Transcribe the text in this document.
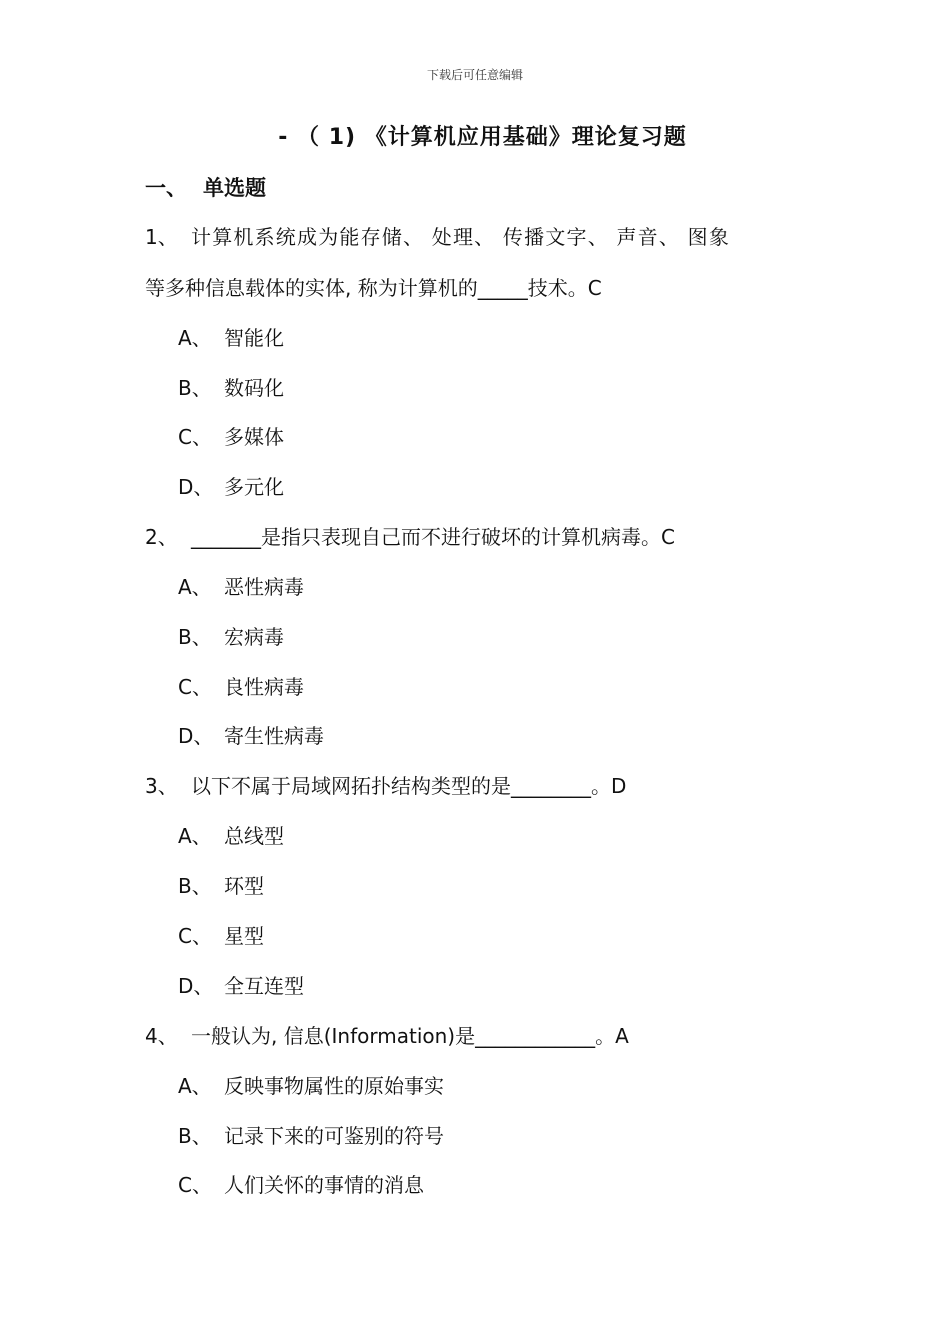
下载后可任意编辑
- （ 1) 《计算机应用基础》理论复习题
一、 单选题
1、 计算机系统成为能存储、 处理、 传播文字、 声音、 图象
等多种信息载体的实体, 称为计算机的_____技术。C
A、 智能化
B、 数码化
C、 多媒体
D、 多元化
2、 _______是指只表现自己而不进行破坏的计算机病毒。C
A、 恶性病毒
B、 宏病毒
C、 良性病毒
D、 寄生性病毒
3、 以下不属于局域网拓扑结构类型的是________。D
A、 总线型
B、 环型
C、 星型
D、 全互连型
4、 一般认为, 信息(Information)是____________。A
A、 反映事物属性的原始事实
B、 记录下来的可鉴别的符号
C、 人们关怀的事情的消息
